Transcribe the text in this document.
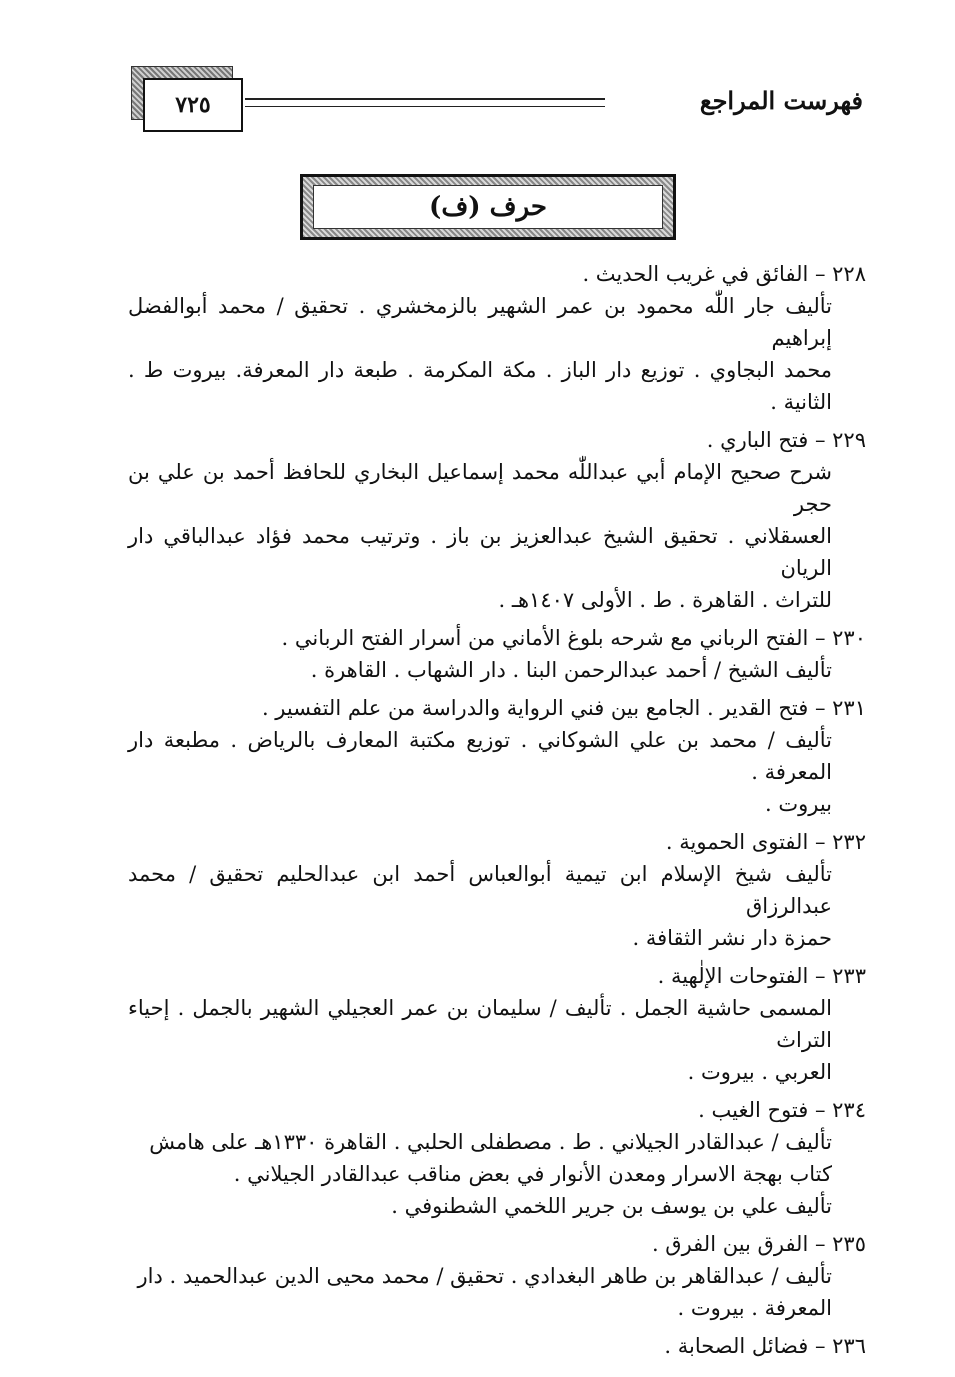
٧٢٥	فهرست المراجع
حرف (ف)
٢٢٨ – الفائق في غريب الحديث .
تأليف جار اللّٰه محمود بن عمر الشهير بالزمخشري . تحقيق / محمد أبوالفضل إبراهيم
محمد البجاوي . توزيع دار الباز . مكة المكرمة . طبعة دار المعرفة. بيروت ط . الثانية .
٢٢٩ – فتح الباري .
شرح صحيح الإمام أبي عبداللّٰه محمد إسماعيل البخاري للحافظ أحمد بن علي بن حجر
العسقلاني . تحقيق الشيخ عبدالعزيز بن باز . وترتيب محمد فؤاد عبدالباقي دار الريان
للتراث . القاهرة . ط . الأولى ١٤٠٧هـ .
٢٣٠ – الفتح الرباني مع شرحه بلوغ الأماني من أسرار الفتح الرباني .
تأليف الشيخ / أحمد عبدالرحمن البنا . دار الشهاب . القاهرة .
٢٣١ – فتح القدير . الجامع بين فني الرواية والدراسة من علم التفسير .
تأليف / محمد بن علي الشوكاني . توزيع مكتبة المعارف بالرياض . مطبعة دار المعرفة .
بيروت .
٢٣٢ – الفتوى الحموية .
تأليف شيخ الإسلام ابن تيمية أبوالعباس أحمد ابن عبدالحليم تحقيق / محمد عبدالرزاق
حمزة دار نشر الثقافة .
٢٣٣ – الفتوحات الإلٰهية .
المسمى حاشية الجمل . تأليف / سليمان بن عمر العجيلي الشهير بالجمل . إحياء التراث
العربي . بيروت .
٢٣٤ – فتوح الغيب .
تأليف / عبدالقادر الجيلاني . ط . مصطفلى الحلبي . القاهرة ١٣٣٠هـ على هامش
كتاب بهجة الاسرار ومعدن الأنوار في بعض مناقب عبدالقادر الجيلاني .
تأليف علي بن يوسف بن جرير اللخمي الشطنوفي .
٢٣٥ – الفرق بين الفرق .
تأليف / عبدالقاهر بن طاهر البغدادي . تحقيق / محمد محيى الدين عبدالحميد . دار
المعرفة . بيروت .
٢٣٦ – فضائل الصحابة .
